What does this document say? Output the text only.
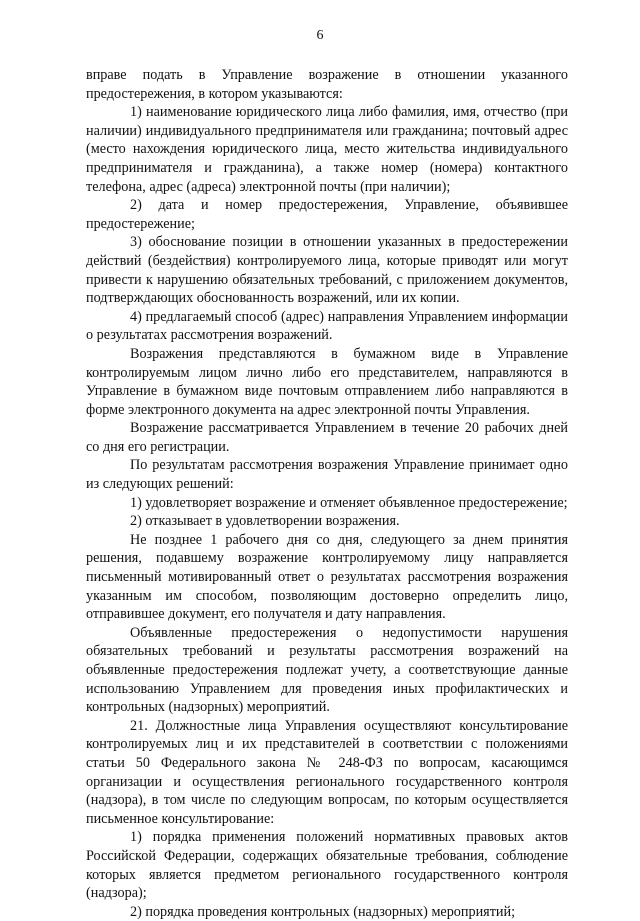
6

вправе подать в Управление возражение в отношении указанного предостережения, в котором указываются:

1) наименование юридического лица либо фамилия, имя, отчество (при наличии) индивидуального предпринимателя или гражданина; почтовый адрес (место нахождения юридического лица, место жительства индивидуального предпринимателя и гражданина), а также номер (номера) контактного телефона, адрес (адреса) электронной почты (при наличии);

2) дата и номер предостережения, Управление, объявившее предостережение;

3) обоснование позиции в отношении указанных в предостережении действий (бездействия) контролируемого лица, которые приводят или могут привести к нарушению обязательных требований, с приложением документов, подтверждающих обоснованность возражений, или их копии.

4) предлагаемый способ (адрес) направления Управлением информации о результатах рассмотрения возражений.

Возражения представляются в бумажном виде в Управление контролируемым лицом лично либо его представителем, направляются в Управление в бумажном виде почтовым отправлением либо направляются в форме электронного документа на адрес электронной почты Управления.

Возражение рассматривается Управлением в течение 20 рабочих дней со дня его регистрации.

По результатам рассмотрения возражения Управление принимает одно из следующих решений:

1) удовлетворяет возражение и отменяет объявленное предостережение;

2) отказывает в удовлетворении возражения.

Не позднее 1 рабочего дня со дня, следующего за днем принятия решения, подавшему возражение контролируемому лицу направляется письменный мотивированный ответ о результатах рассмотрения возражения указанным им способом, позволяющим достоверно определить лицо, отправившее документ, его получателя и дату направления.

Объявленные предостережения о недопустимости нарушения обязательных требований и результаты рассмотрения возражений на объявленные предостережения подлежат учету, а соответствующие данные использованию Управлением для проведения иных профилактических и контрольных (надзорных) мероприятий.

21. Должностные лица Управления осуществляют консультирование контролируемых лиц и их представителей в соответствии с положениями статьи 50 Федерального закона № 248-ФЗ по вопросам, касающимся организации и осуществления регионального государственного контроля (надзора), в том числе по следующим вопросам, по которым осуществляется письменное консультирование:

1) порядка применения положений нормативных правовых актов Российской Федерации, содержащих обязательные требования, соблюдение которых является предметом регионального государственного контроля (надзора);

2) порядка проведения контрольных (надзорных) мероприятий;
